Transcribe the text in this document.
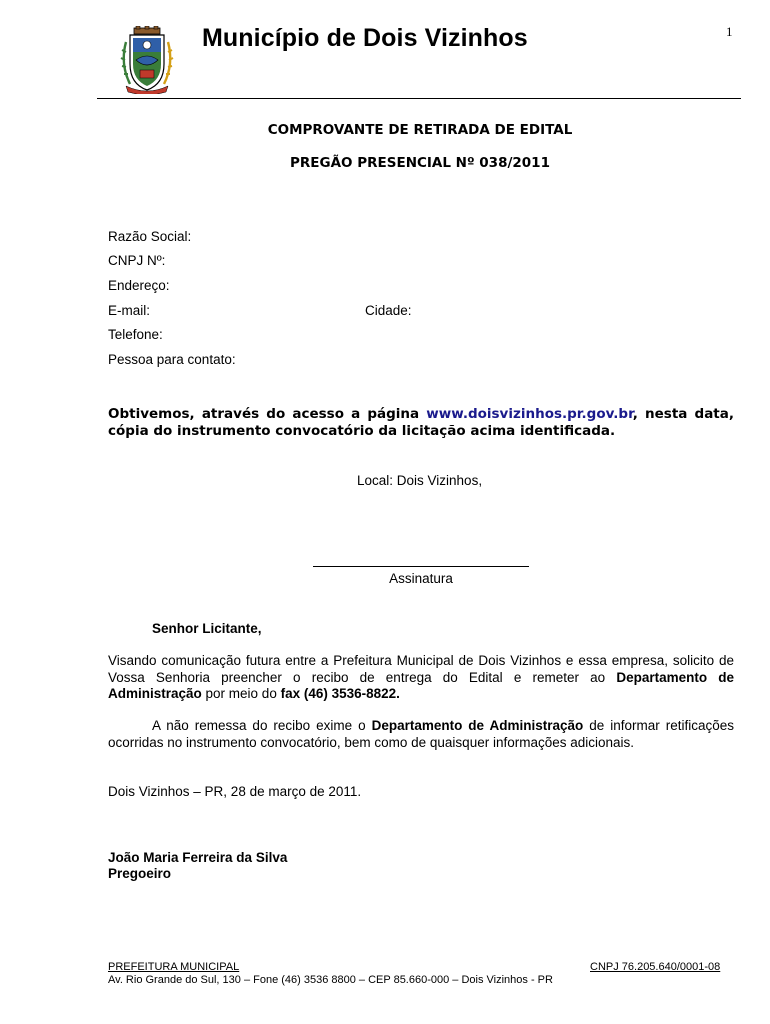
1
Município de Dois Vizinhos
COMPROVANTE DE RETIRADA DE EDITAL
PREGÃO PRESENCIAL Nº 038/2011
Razão Social:
CNPJ Nº:
Endereço:
E-mail:	Cidade:
Telefone:
Pessoa para contato:
Obtivemos, através do acesso a página www.doisvizinhos.pr.gov.br, nesta data, cópia do instrumento convocatório da licitação acima identificada.
Local: Dois Vizinhos,
Assinatura
Senhor Licitante,
Visando comunicação futura entre a Prefeitura Municipal de Dois Vizinhos e essa empresa, solicito de Vossa Senhoria preencher o recibo de entrega do Edital e remeter ao Departamento de Administração por meio do fax (46) 3536-8822.
A não remessa do recibo exime o Departamento de Administração de informar retificações ocorridas no instrumento convocatório, bem como de quaisquer informações adicionais.
Dois Vizinhos – PR, 28 de março de 2011.
João Maria Ferreira da Silva
Pregoeiro
PREFEITURA MUNICIPAL	CNPJ 76.205.640/0001-08
Av. Rio Grande do Sul, 130 – Fone (46) 3536 8800 – CEP 85.660-000 – Dois Vizinhos - PR
